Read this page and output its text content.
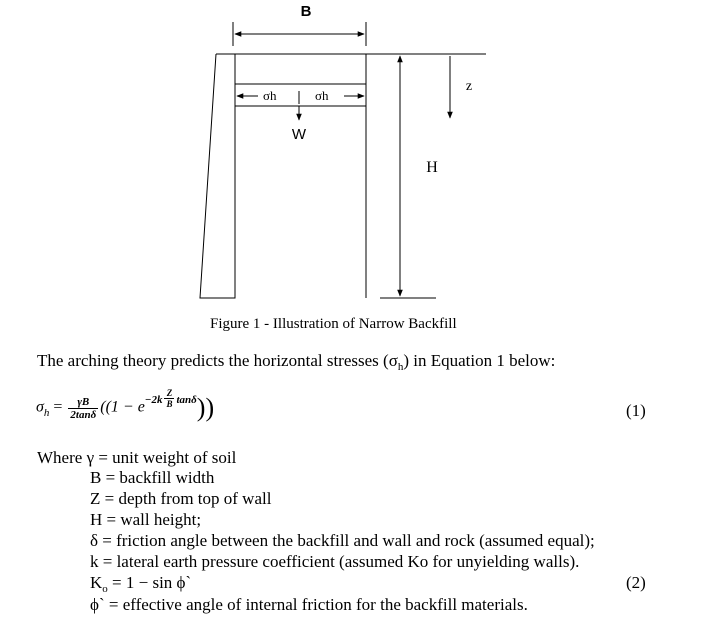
B
σh	σh
W
H
z
Figure 1 - Illustration of Narrow Backfill
The arching theory predicts the horizontal stresses $(\sigma_h)$ in Equation 1 below:
$\sigma_h = \frac{\gamma B}{2\tan\delta} ((1 - e^{-2k} \frac{Z}{B} ^{tan\delta}))$	(1)
Where γ = unit weight of soil
B = backfill width
Z = depth from top of wall
H = wall height;
δ = friction angle between the backfill and wall and rock (assumed equal);
k = lateral earth pressure coefficient (assumed Ko for unyielding walls).
$K_o = 1 - \sin$ ϕ`	(2)
ϕ` = effective angle of internal friction for the backfill materials.
